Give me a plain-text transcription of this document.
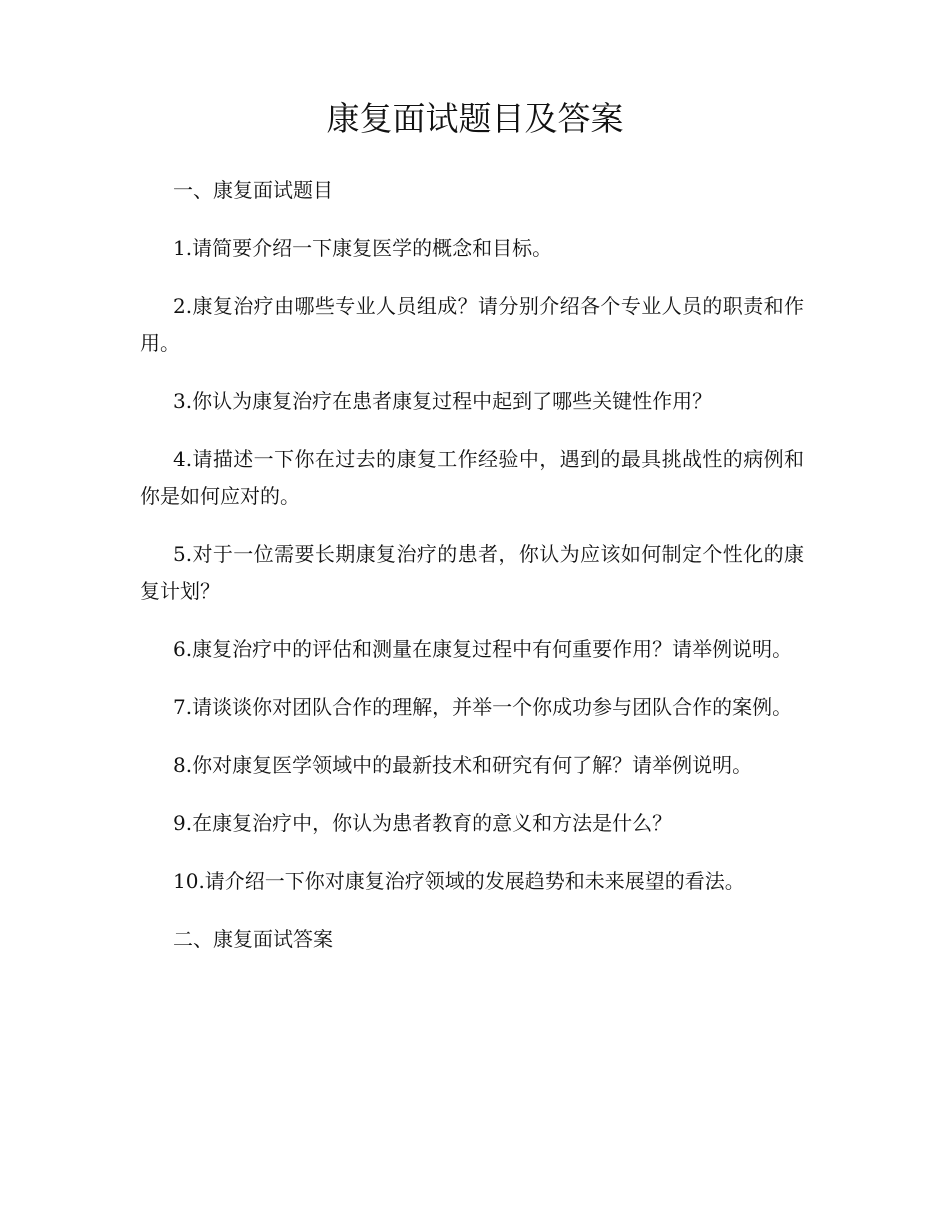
康复面试题目及答案

一、康复面试题目

1.请简要介绍一下康复医学的概念和目标。

2.康复治疗由哪些专业人员组成？请分别介绍各个专业人员的职责和作用。

3.你认为康复治疗在患者康复过程中起到了哪些关键性作用？

4.请描述一下你在过去的康复工作经验中，遇到的最具挑战性的病例和你是如何应对的。

5.对于一位需要长期康复治疗的患者，你认为应该如何制定个性化的康复计划？

6.康复治疗中的评估和测量在康复过程中有何重要作用？请举例说明。

7.请谈谈你对团队合作的理解，并举一个你成功参与团队合作的案例。

8.你对康复医学领域中的最新技术和研究有何了解？请举例说明。

9.在康复治疗中，你认为患者教育的意义和方法是什么？

10.请介绍一下你对康复治疗领域的发展趋势和未来展望的看法。

二、康复面试答案
